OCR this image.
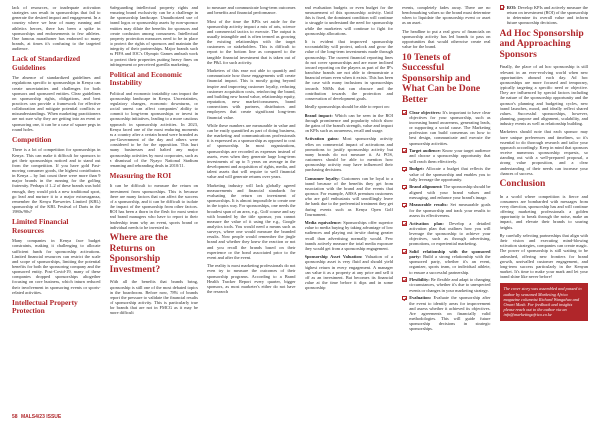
lack of resources, or inadequate activation strategies can result in sponsorships that fail to generate the desired impact and engagement. In a country where we hear of many running and athletics heroes, there has been a spike in sponsorships and endorsements to few athletes. One famous marathoner has endorsed so many brands, at times it's confusing to the targeted audience.

Lack of Standardized Guidelines

The absence of standardized guidelines and regulations specific to sponsorships in Kenya can create uncertainties and challenges for both sponsors and sponsored entities. Clear guidelines on sponsorship rights, obligations, and best practices can provide a framework for effective collaboration and mitigate potential conflicts or misunderstandings. When marketing practitioners are not sure why they are getting into an event or sponsoring one, it can be a case of square pegs in round holes.

Competition

There is a lot of competition for sponsorships in Kenya. This can make it difficult for sponsors to get their sponsorships noticed and to stand out from the competition. If you have gold Fast-moving consumer goods, the highest contributors in Kenya – by last count there were more than 9 major brands in the running for the golfing fraternity. Perhaps if 1–2 of these brands was bold enough, they would pick a new traditional sport, go lead and nurture it to a major extravaganza, remember the Kenya Breweries Limited (KBL) sponsorship of the KBL Festival of Darts in the 1980s/90s?

Limited Financial Resources

Many companies in Kenya face budget constraints, making it challenging to allocate sufficient funds for sponsorship activations. Limited financial resources can restrict the scale and scope of sponsorships, limiting the potential benefits for both the sponsoring company and the sponsored entity. Post-Covid-19, many of these companies dropped sponsorships altogether focusing on core business, which inturn reduced their involvement in sponsoring events or sports-related activities.

Intellectual Property Protection

Safeguarding intellectual property rights and ensuring brand exclusivity can be a challenge in the sponsorship landscape. Unauthorized use of brand logos or sponsorship assets by non-sponsor entities may dilute the benefits for sponsors and create confusion among consumers. Intellectual property protection measures need to be in place to protect the rights of sponsors and maintain the integrity of their partnerships. Major brands such as FIFA and IOC's Olympic Games ambush work to protect their properties putting heavy fines on infringement or perceived guerilla marketing.

Political and Economic Instability

Political and economic instability can impact the sponsorship landscape in Kenya. Uncertainties, regulatory changes, economic downturns, or social unrest can affect companies' ability to commit to long-term sponsorships or invest in sponsorship initiatives, leading to a more cautious approach in sponsorship activities. In 2023, Kenya faced one of the most enduring moments as a country after a certain brand were branded as pro-Government of the day and others were considered to be for the opposition. This hurt many businesses and halted any major sponsorship activities by most corporates, such as a dismissal of the Nyayo National Stadium renaming and rebranding deals in 2010/11.

Measuring the ROI

It can be difficult to measure the return on investment from sponsorships. This is because there are many factors that can affect the success of a sponsorship, and it can be difficult to isolate the impact of the sponsorship from other factors. ROI has been a thorn in the flesh for most senior and brand managers who have to report to their leadership team why an event, sports brand or individual needs to be invested in.

Where are the Returns on Sponsorship Investment?

With all the benefits that brands bring, sponsorship is still one of the most debated topics in the boardroom. Before now, 78% of brands report the pressure to validate the financial results of sponsorship activity. This is particularly true for brands that are not in FMCG as it may be more difficult

to measure and communicate long-term outcomes and benefits and financial performance.

Most of the time the KPIs set aside for the sponsorship activity impact a mix of arts, science and commercial tactics to execute. The output is usually intangible and is often termed as growing the existing relationships with the target customers or stakeholders. This is difficult to report to the bottom line as compared to the tangible financial investment that is taken out of the P&L for such activity.

Marketers of this ease not able to quantify and communicate how those engagements will create financial impact. This is mostly going beyond inspire and improving customer loyalty, reducing customer acquisition costs, reinforcing the brand, and building new brand value, relationship equity, reputation, new market/consumers, brand connections with partners, distributors and employees that create significant long-term financial value.

While these numbers are measurable in value and can be easily quantified as part of doing business, the marketing and communications professionals it is expressed as a sponsorship as opposed to cost of sponsorship. In most organizations, sponsorships are recorded as expenses instead of assets, even when they generate large long-term investments of up to 5 years on average in the development and acquisition of rights, media, and talent assets that will require to well financial value and will generate returns over years.

Marketing industry will lack globally agreed measurements and financial standards for evaluating the return on investment of sponsorships. It is almost impossible to create one in the topics way. For sponsorships, one needs the broadest span of an area, e.g., Golf course and say with branded by the title sponsor, you cannot measure the value of it using the e.g., Google analytics tools. You would need a means such as surveys, where one would measure the branded results. Now people would remember the jingle brand and whether they knew the reaction or not and you recall the brands based on their experience or the bond associated prior to the event and after the event.

The reality is most marketing professionals do not even try to measure the outcomes of their sponsorship programs. According to a Brand Health Tracker Report every quarter, bigger sponsors, as most marketer's either do not have the research

and evaluation budgets or even budget for the measurement of this sponsorship activity. Until this is fixed, the dominant condition will continue to struggle to understand the need for sponsorship while the marketers will continue to fight for sponsorship allocations.

It is evident that improved sponsorship accountability will protect, unlock and grow the value of the long-term investments made through sponsorship. The current financial reporting lines do not cover sponsorships and are more inclined toward reporting on the players as part of the IP's franchise brands are not able to demonstrate a financial return even when it exists. This has been the case with many inclusions in sponsorships towards NSMs that can obscure and the contribution towards the protection and conservation of development goals.

Ideally sponsorships should be able to report on:

Brand impact: Which can be seen in the ROI through prominence and popularity which show the gains of the brand's strength, value and impact on KPIs such as awareness, recall and usage.

Activation gains: Most sponsorship activity relies on commercial impact of activations and promotions to justify sponsorship activity but many brands do not measure it. At POS, customers should be able to mention how sponsorship activity may have influenced their purchasing decisions.

Consumer loyalty: Customers can be loyal to a brand because of the benefits they get from association with the brand and the events that sponsor. For example, ABSA premium customers who are golf enthusiasts will unwillingly leave the bank due to the preferential treatment they get during events such as Kenya Open Golf Tournament.

Media equivalence: Sponsorships offer superior value to media buying by taking advantage of low audiences and playing out in-site during greater recall than advertising normally would. Few brands actively measure the total media exposure they would get from a sponsorship engagement.

Sponsorship Asset Valuation: Valuation of a sponsorship asset is very fluid and should yield highest return in every engagement. A manager can value it as a property at any price and sell it off as an investment. But becomes its financial value at the time before it dips and in some sponsorship

events, completely fades away. There are no benchmarking values so the brand must determine when to liquidate the sponsorship event or asset as an asset.

The headline to put a real grow of financials on sponsorship activity has led brands to pass on opportunities that would otherwise create real value for the brand.

10 Tenets of Successful Sponsorship and What Can be Done Better
Clear objectives: It's important to have clear objectives for your sponsorship, such as increasing brand awareness, generating leads, or supporting a social cause. The Marketing profession can build consensus on how to best design, communicate and execute the sponsorship activities.
Target audience: Know your target audience and choose a sponsorship opportunity that will reach them effectively.
Budget: Allocate a budget that reflects the value of the sponsorship and enables you to fully leverage the opportunity.
Brand alignment: The sponsorship should be aligned with your brand values and messaging, and enhance your brand's image.
Measurable results: Set measurable goals for the sponsorship and track your results to assess its effectiveness.
Activation plan: Develop a detailed activation plan that outlines how you will leverage the sponsorship to achieve your objectives, such as through advertising, promotions, or experiential marketing.
Solid relationship with the sponsored party: Build a strong relationship with the sponsored party, whether it's an event, organizer, sports team, or individual athlete, to ensure a successful partnership.
Flexibility: Be flexible and adapt to changing circumstances, whether it's due to unexpected events or changes in your marketing strategy.
Evaluation: Evaluate the sponsorship after the event to identify areas for improvement and assess whether it achieved its objectives. Are agreements on financially valid methodologies. This will guide future sponsorship decisions in strategic sponsorships.
ROI: Develop KPIs and actively measure the return on investment (ROI) of the sponsorship to determine its overall value and inform future sponsorship decisions.
Ad Hoc Sponsorship and Approaching Sponsors

Finally, the place of ad hoc sponsorship is still relevant in an ever-evolving world when new opportunities abound each day. Ad hoc sponsorships are more focused and temporary, typically targeting a specific need or objective. They are influenced by special factors including the nature of the sponsorship opportunity and the sponsor's planning and budgeting cycles, new brand launches, mood, and ideally reflect shared values. Successful sponsorships, however, planning, purpose and alignment, scalability, and industry events as well as relationship building.

Marketers should note that each sponsor may have unique preferences and timelines, so it's essential to do thorough research and tailor your approach accordingly. Keep in mind that sponsors receive numerous sponsorship requests, so standing out with a well-prepared proposal, a strong value proposition, and a clear understanding of their needs can increase your chances of success.

Conclusion

In a world where competition is fierce and consumers are bombarded with messages from every direction, sponsorship has and will continue offering marketing professionals a golden opportunity to break through the noise, make an impact, and elevate their brands to soaring heights.

By carefully selecting partnerships that align with their vision and executing mind-blowing activation strategies, companies can create magic. The power of sponsorship is still waiting to be unleashed, offering new frontiers for brand growth, unrivalled customer engagement, and long-term success particularly in the Kenyan market. It's time to make your mark and let your brand shine like never before!

The cover story was assembled and passed to author by seasoned Marketing Africa magazine columnist Richard Wangalwa and Omari Mash. For feedback and insights please reach out to the author via an info@marketingafrica.co.ke
58 MALS4/23 ISSUE
